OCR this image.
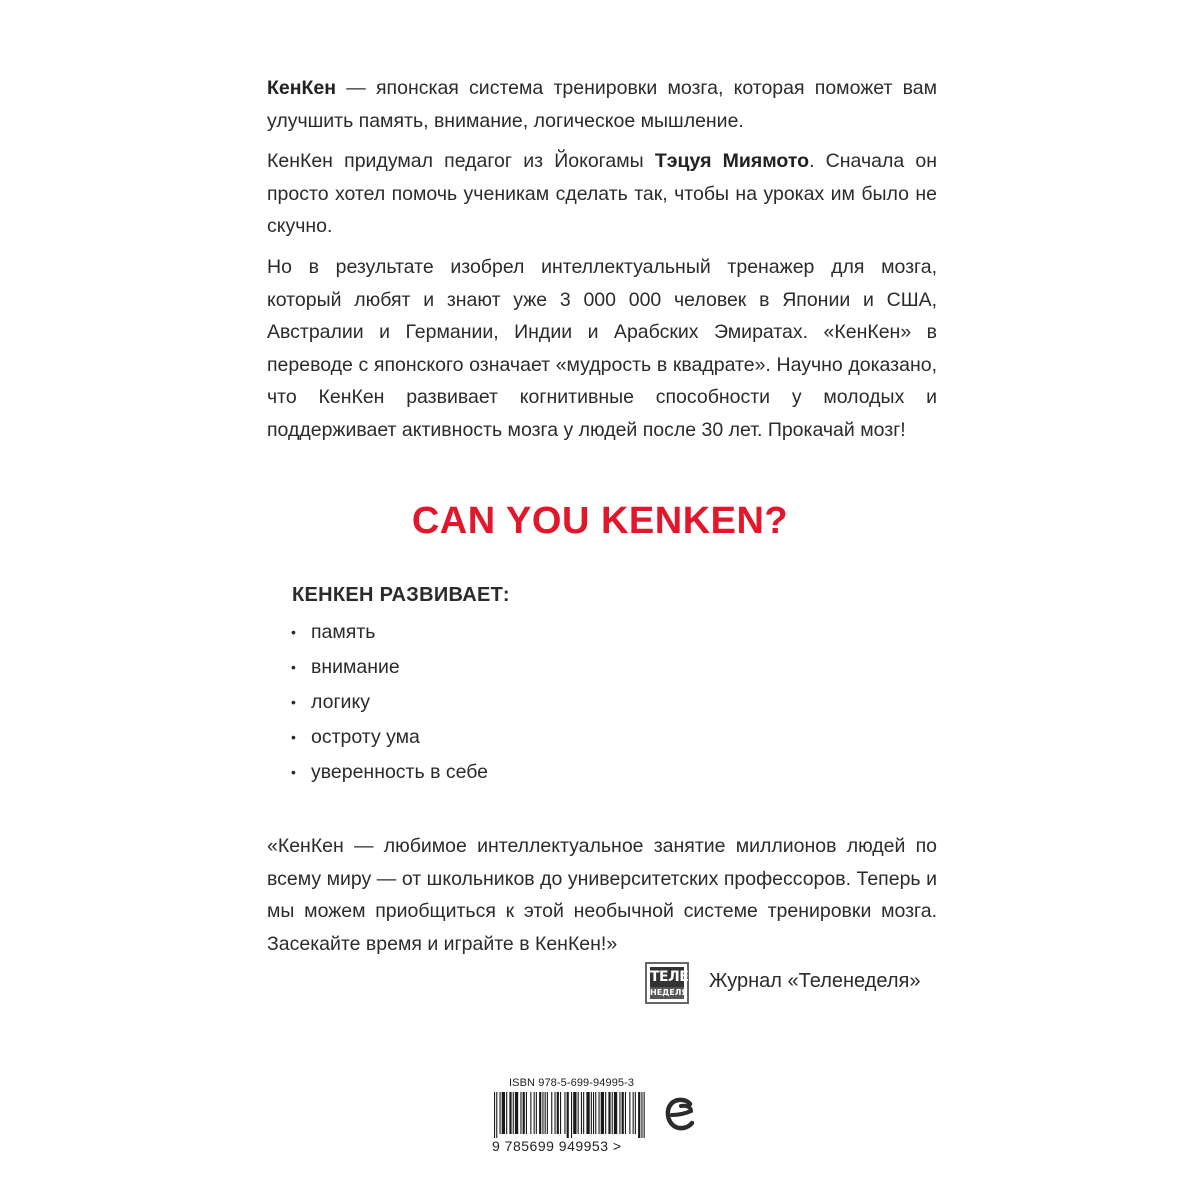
КенКен — японская система тренировки мозга, которая поможет вам улучшить память, внимание, логическое мышление.

КенКен придумал педагог из Йокогамы Тэцуя Миямото. Сначала он просто хотел помочь ученикам сделать так, чтобы на уроках им было не скучно.

Но в результате изобрел интеллектуальный тренажер для мозга, который любят и знают уже 3 000 000 человек в Японии и США, Австралии и Германии, Индии и Арабских Эмиратах. «КенКен» в переводе с японского означает «мудрость в квадрате». Научно доказано, что КенКен развивает когнитивные способности у молодых и поддерживает активность мозга у людей после 30 лет. Прокачай мозг!

CAN YOU KENKEN?

КЕНКЕН РАЗВИВАЕТ:

• память
• внимание
• логику
• остроту ума
• уверенность в себе

«КенКен — любимое интеллектуальное занятие миллионов людей по всему миру — от школьников до университетских профессоров. Теперь и мы можем приобщиться к этой необычной системе тренировки мозга. Засекайте время и играйте в КенКен!»

ТЕЛЕ
НЕДЕЛЯ
Журнал «Теленеделя»
ISBN 978-5-699-94995-3
9 785699 949953 >
